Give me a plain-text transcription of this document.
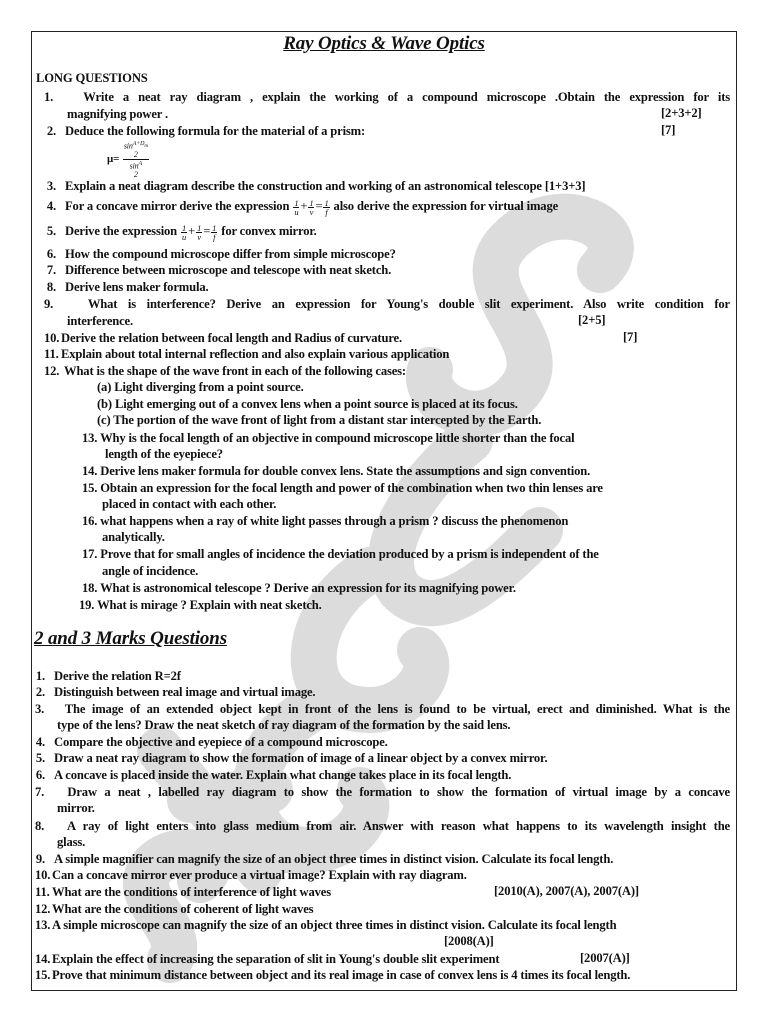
Ray Optics & Wave Optics
LONG QUESTIONS
1. Write a neat ray diagram , explain the working of a compound microscope .Obtain the expression for its
magnifying power .	[2+3+2]
2. Deduce the following formula for the material of a prism:	[7]
μ=
$\sin^{A+D_m}$
2
$\sin^A$
2
3. Explain a neat diagram describe the construction and working of an astronomical telescope [1+3+3]
4. For a concave mirror derive the expression $\frac{1}{u} + \frac{1}{v} = \frac{1}{f}$ also derive the expression for virtual image
5. Derive the expression $\frac{1}{u} + \frac{1}{v} = \frac{1}{f}$ for convex mirror.
6. How the compound microscope differ from simple microscope?
7. Difference between microscope and telescope with neat sketch.
8. Derive lens maker formula.
9.	What is interference? Derive an expression for Young's double slit experiment. Also write condition for
interference.	[2+5]
10. Derive the relation between focal length and Radius of curvature.	[7]
11. Explain about total internal reflection and also explain various application
12. What is the shape of the wave front in each of the following cases:
(a) Light diverging from a point source.
(b) Light emerging out of a convex lens when a point source is placed at its focus.
(c) The portion of the wave front of light from a distant star intercepted by the Earth.
13. Why is the focal length of an objective in compound microscope little shorter than the focal
length of the eyepiece?
14. Derive lens maker formula for double convex lens. State the assumptions and sign convention.
15. Obtain an expression for the focal length and power of the combination when two thin lenses are
placed in contact with each other.
16. what happens when a ray of white light passes through a prism ? discuss the phenomenon
analytically.
17. Prove that for small angles of incidence the deviation produced by a prism is independent of the
angle of incidence.
18. What is astronomical telescope ? Derive an expression for its magnifying power.
19. What is mirage ? Explain with neat sketch.
2 and 3 Marks Questions
1. Derive the relation R=2f
2. Distinguish between real image and virtual image.
3. The image of an extended object kept in front of the lens is found to be virtual, erect and diminished. What is the
type of the lens? Draw the neat sketch of ray diagram of the formation by the said lens.
4. Compare the objective and eyepiece of a compound microscope.
5. Draw a neat ray diagram to show the formation of image of a linear object by a convex mirror.
6. A concave is placed inside the water. Explain what change takes place in its focal length.
7. Draw a neat , labelled ray diagram to show the formation to show the formation of virtual image by a concave
mirror.
8. A ray of light enters into glass medium from air. Answer with reason what happens to its wavelength insight the
glass.
9. A simple magnifier can magnify the size of an object three times in distinct vision. Calculate its focal length.
10. Can a concave mirror ever produce a virtual image? Explain with ray diagram.
11. What are the conditions of interference of light waves	[2010(A), 2007(A), 2007(A)]
12. What are the conditions of coherent of light waves
13. A simple microscope can magnify the size of an object three times in distinct vision. Calculate its focal length
[2008(A)]
14. Explain the effect of increasing the separation of slit in Young's double slit experiment	[2007(A)]
15. Prove that minimum distance between object and its real image in case of convex lens is 4 times its focal length.
